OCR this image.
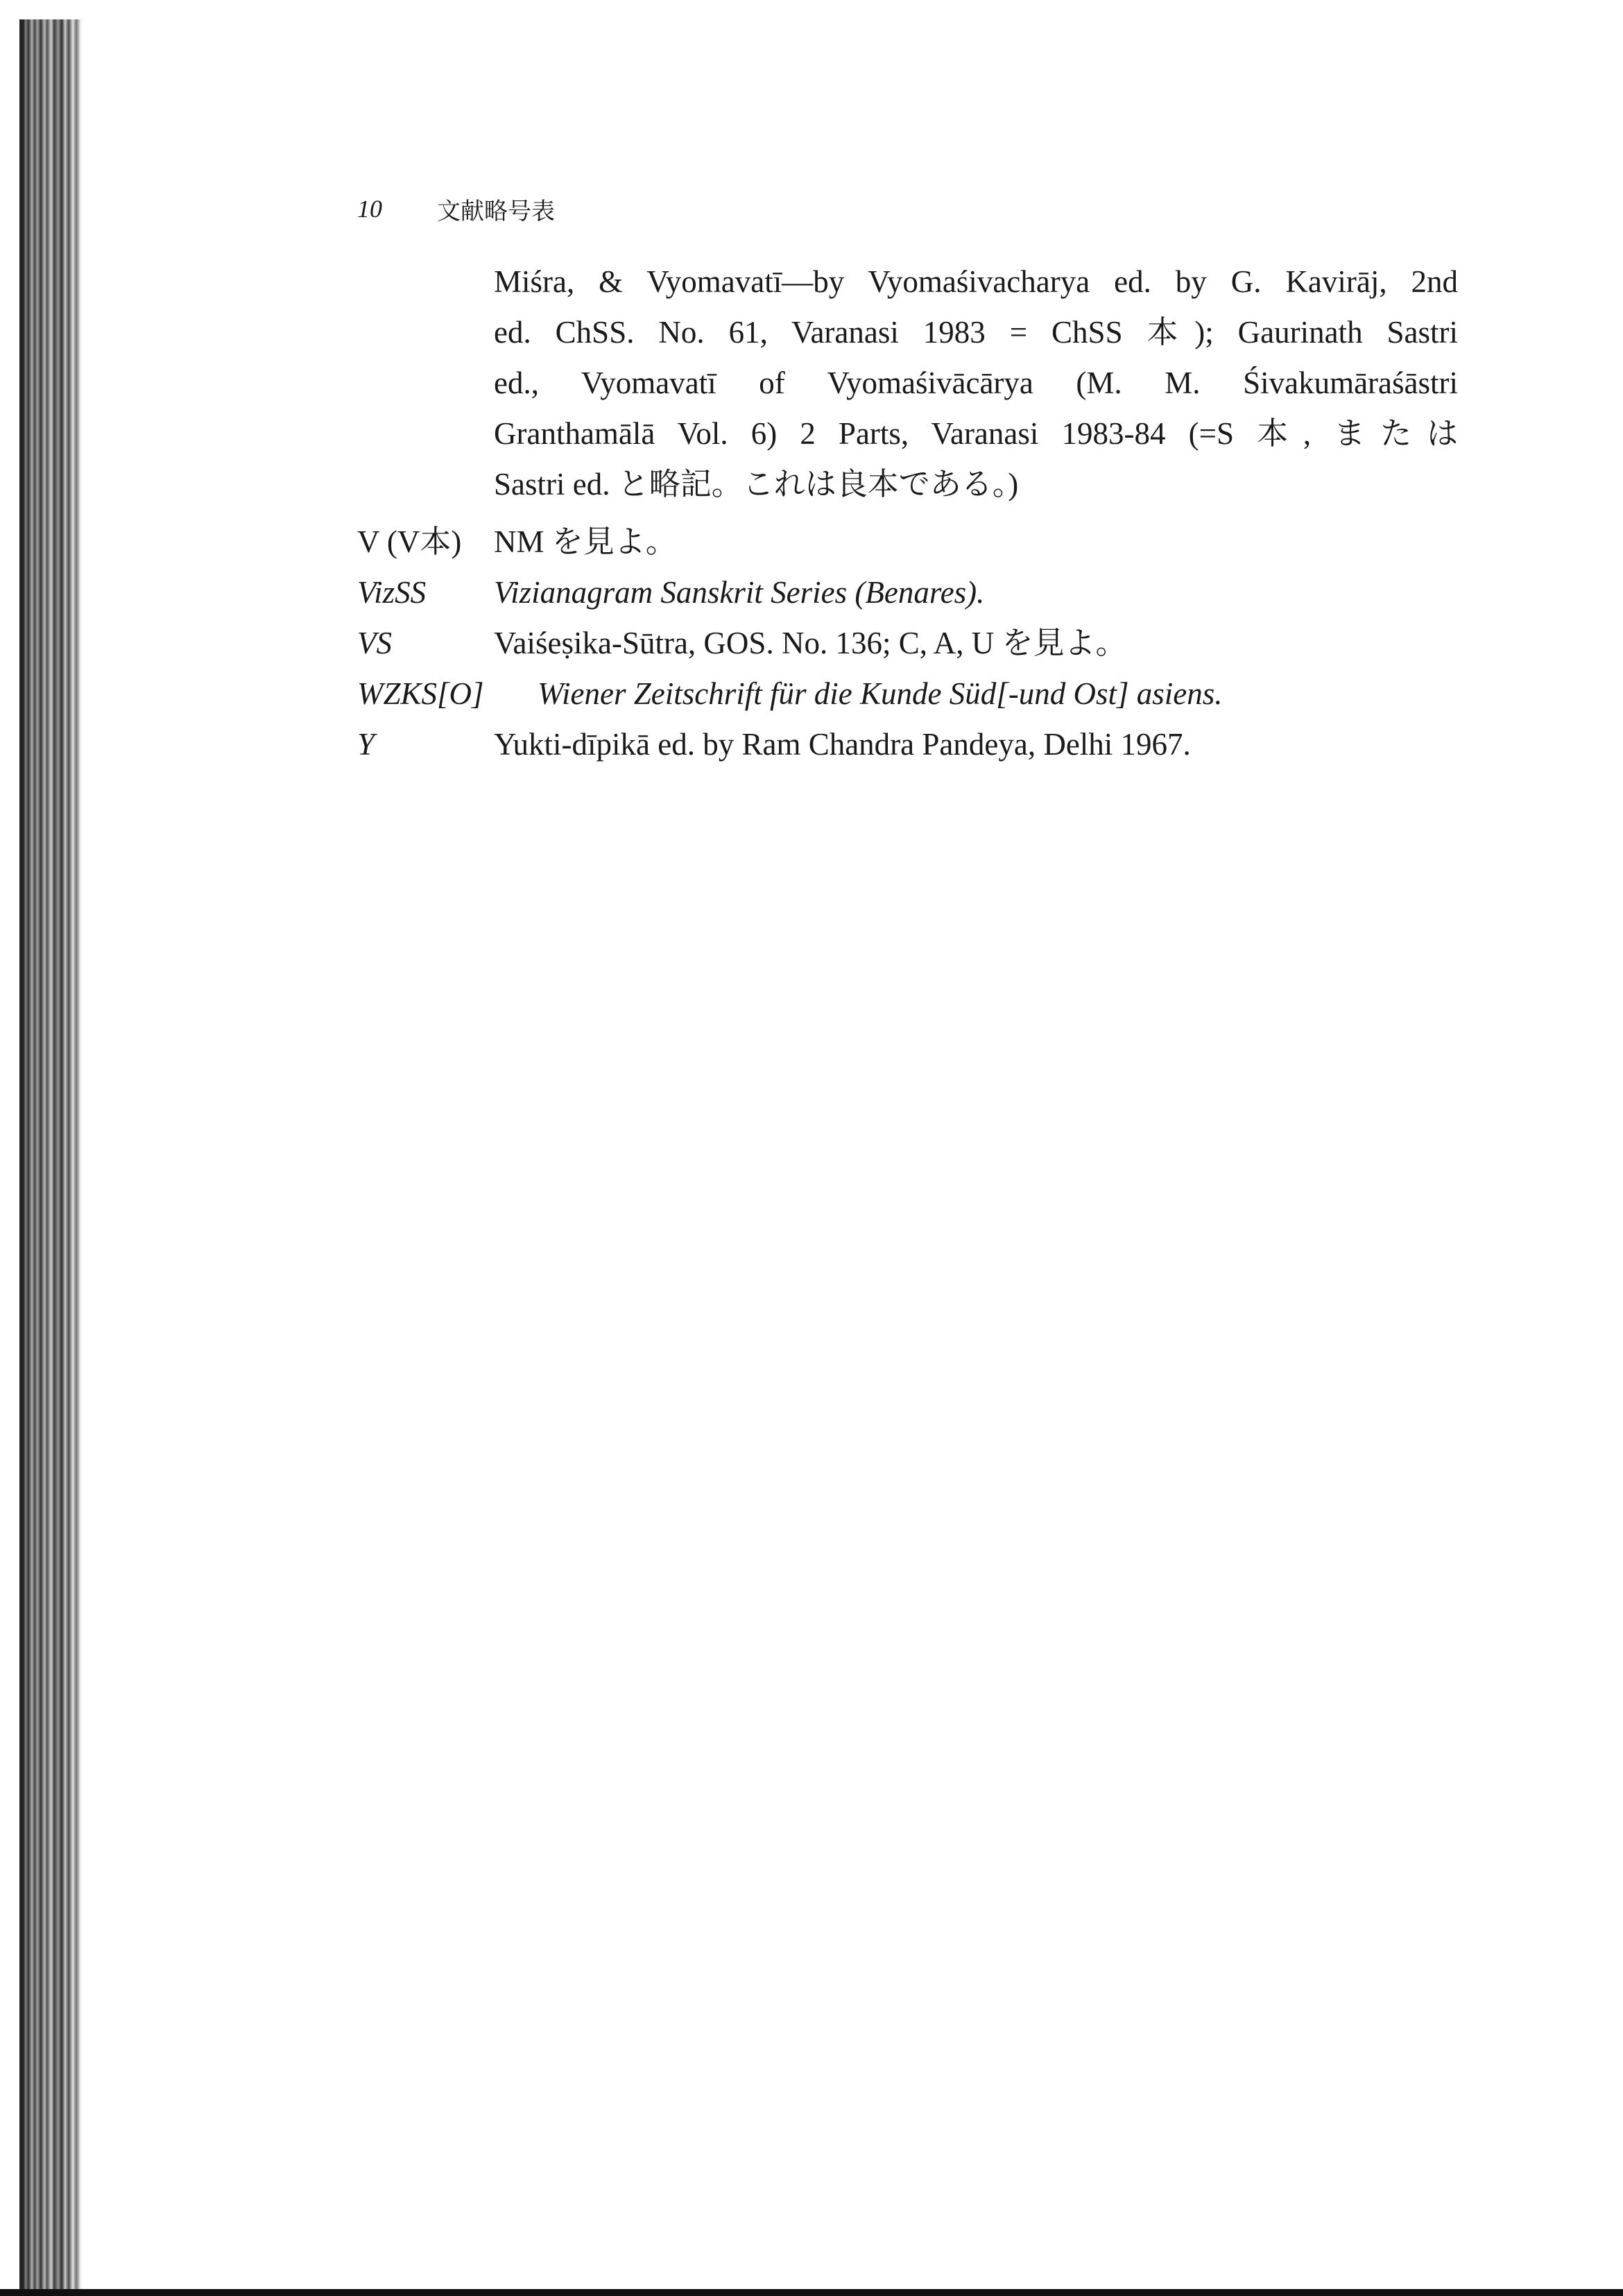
10	文献略号表
Miśra, & Vyomavatī—by Vyomaśivacharya ed. by G. Kavirāj, 2nd
ed. ChSS. No. 61, Varanasi 1983 = ChSS 本); Gaurinath Sastri
ed., Vyomavatī of Vyomaśivācārya (M. M. Śivakumāraśāstri
Granthamālā Vol. 6) 2 Parts, Varanasi 1983-84 (=S 本, または
Sastri ed. と略記。これは良本である。)
V (V本) NM を見よ。
VizSS Vizianagram Sanskrit Series (Benares).
VS	Vaiśeṣika-Sūtra, GOS. No. 136; C, A, U を見よ。
WZKS[O] Wiener Zeitschrift für die Kunde Süd[-und Ost] asiens.
Y	Yukti-dīpikā ed. by Ram Chandra Pandeya, Delhi 1967.
